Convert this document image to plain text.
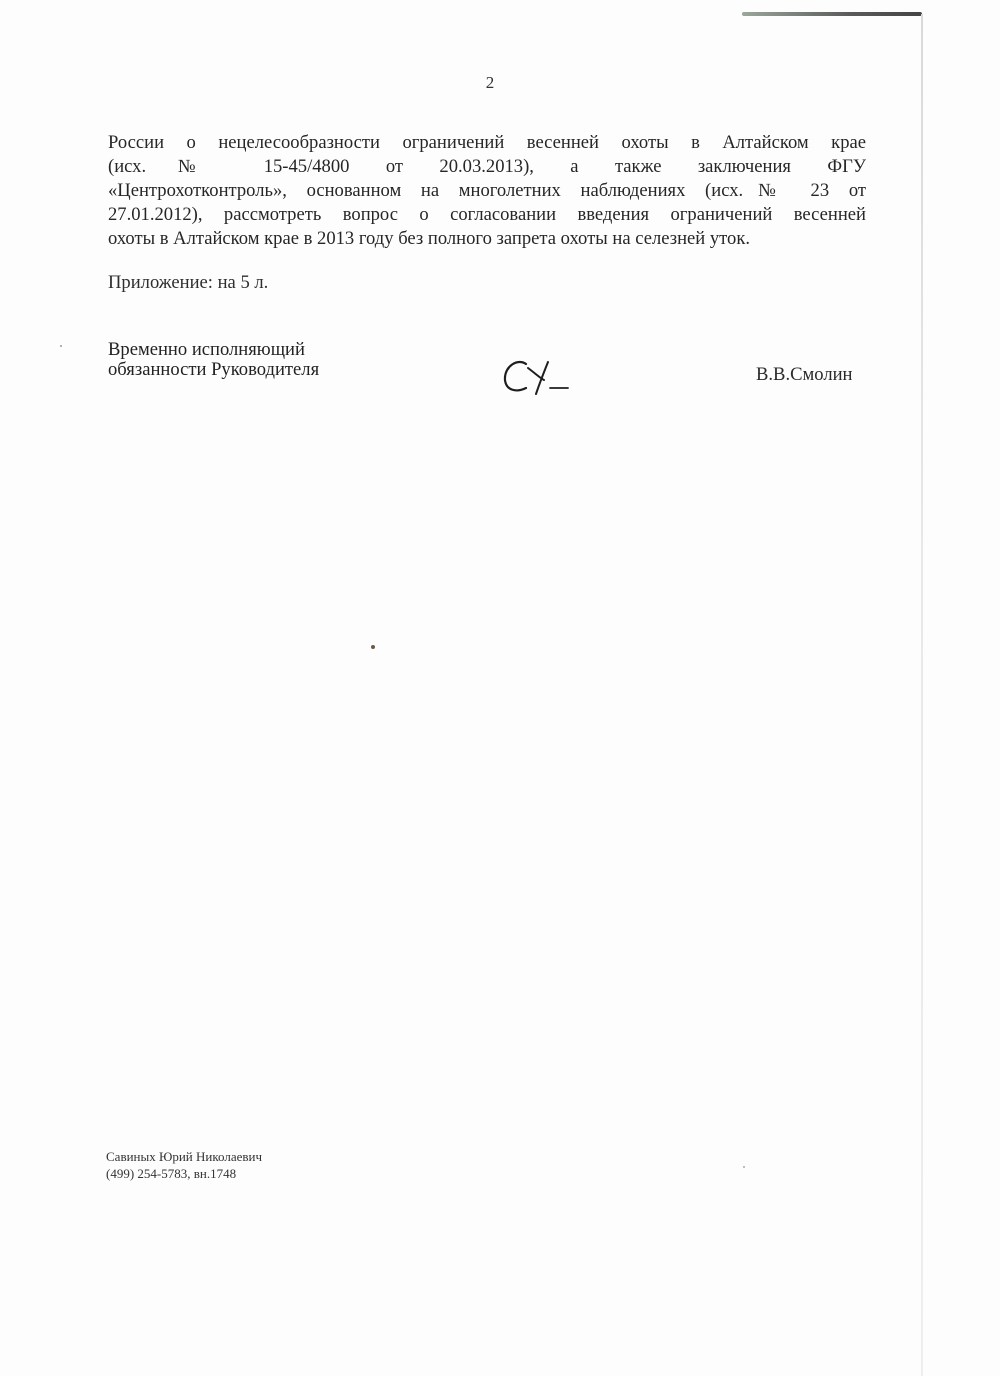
2
России о нецелесообразности ограничений весенней охоты в Алтайском крае
(исх.№ 15-45/4800 от 20.03.2013), а также заключения ФГУ
«Центрохотконтроль», основанном на многолетних наблюдениях (исх.№ 23 от
27.01.2012), рассмотреть вопрос о согласовании введения ограничений весенней
охоты в Алтайском крае в 2013 году без полного запрета охоты на селезней уток.
Приложение: на 5 л.
Временно исполняющий
обязанности Руководителя	В.В.Смолин
Савиных Юрий Николаевич
(499) 254-5783, вн.1748
